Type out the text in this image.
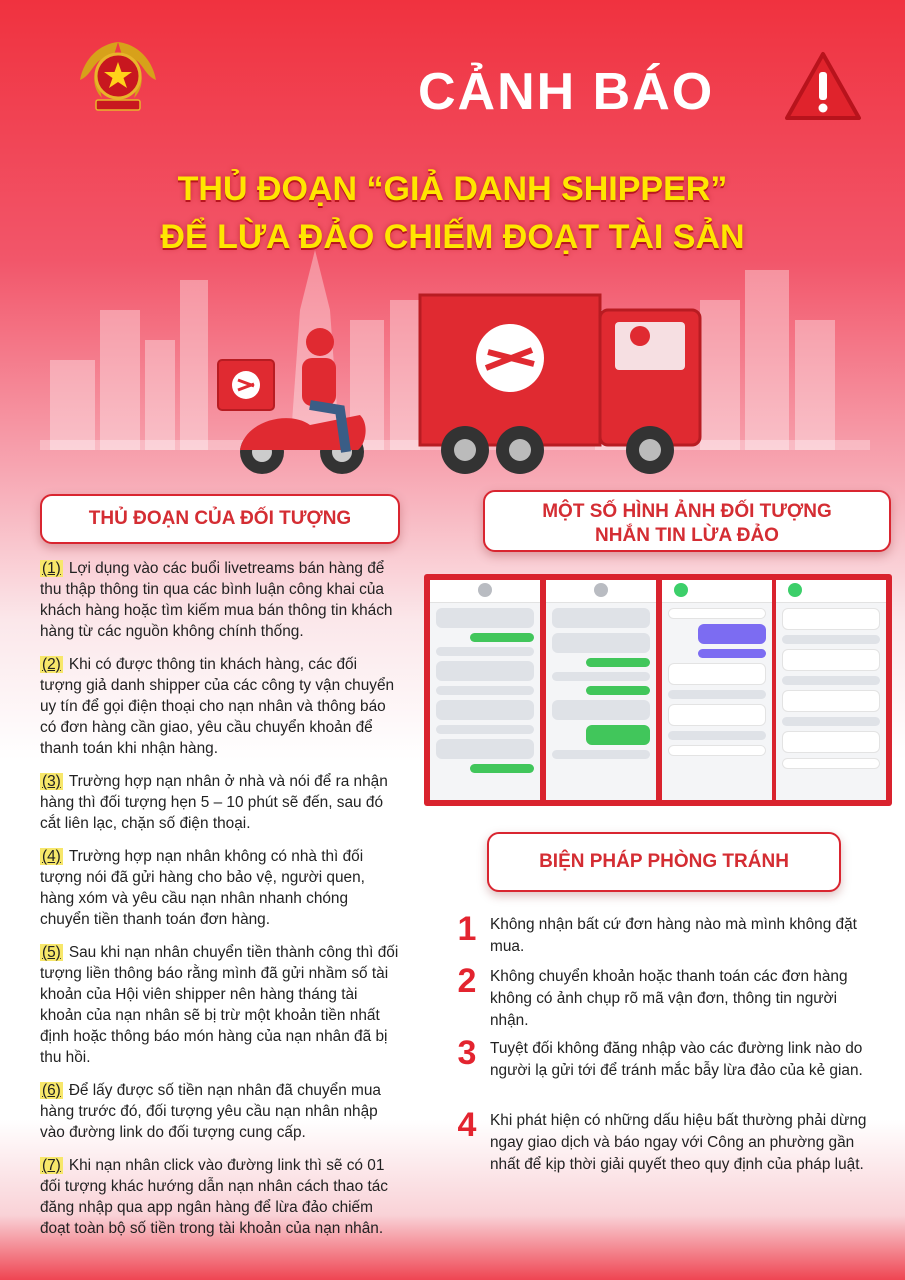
CẢNH BÁO
THỦ ĐOẠN “GIẢ DANH SHIPPER”
ĐỂ LỪA ĐẢO CHIẾM ĐOẠT TÀI SẢN
THỦ ĐOẠN CỦA ĐỐI TƯỢNG	MỘT SỐ HÌNH ẢNH ĐỐI TƯỢNG
NHẮN TIN LỪA ĐẢO
(1) Lợi dụng vào các buổi livetreams bán hàng để thu thập thông tin qua các bình luận công khai của khách hàng hoặc tìm kiếm mua bán thông tin khách hàng từ các nguồn không chính thống.
(2) Khi có được thông tin khách hàng, các đối tượng giả danh shipper của các công ty vận chuyển uy tín để gọi điện thoại cho nạn nhân và thông báo có đơn hàng cần giao, yêu cầu chuyển khoản để thanh toán khi nhận hàng.
(3) Trường hợp nạn nhân ở nhà và nói để ra nhận hàng thì đối tượng hẹn 5 – 10 phút sẽ đến, sau đó cắt liên lạc, chặn số điện thoại.
(4) Trường hợp nạn nhân không có nhà thì đối tượng nói đã gửi hàng cho bảo vệ, người quen, hàng xóm và yêu cầu nạn nhân nhanh chóng chuyển tiền thanh toán đơn hàng.
(5) Sau khi nạn nhân chuyển tiền thành công thì đối tượng liền thông báo rằng mình đã gửi nhầm số tài khoản của Hội viên shipper nên hàng tháng tài khoản của nạn nhân sẽ bị trừ một khoản tiền nhất định hoặc thông báo món hàng của nạn nhân đã bị thu hồi.
(6) Để lấy được số tiền nạn nhân đã chuyển mua hàng trước đó, đối tượng yêu cầu nạn nhân nhập vào đường link do đối tượng cung cấp.
(7) Khi nạn nhân click vào đường link thì sẽ có 01 đối tượng khác hướng dẫn nạn nhân cách thao tác đăng nhập qua app ngân hàng để lừa đảo chiếm đoạt toàn bộ số tiền trong tài khoản của nạn nhân.
BIỆN PHÁP PHÒNG TRÁNH
1 Không nhận bất cứ đơn hàng nào mà mình không đặt mua.
2 Không chuyển khoản hoặc thanh toán các đơn hàng không có ảnh chụp rõ mã vận đơn, thông tin người nhận.
3 Tuyệt đối không đăng nhập vào các đường link nào do người lạ gửi tới để tránh mắc bẫy lừa đảo của kẻ gian.
4 Khi phát hiện có những dấu hiệu bất thường phải dừng ngay giao dịch và báo ngay với Công an phường gần nhất để kịp thời giải quyết theo quy định của pháp luật.
